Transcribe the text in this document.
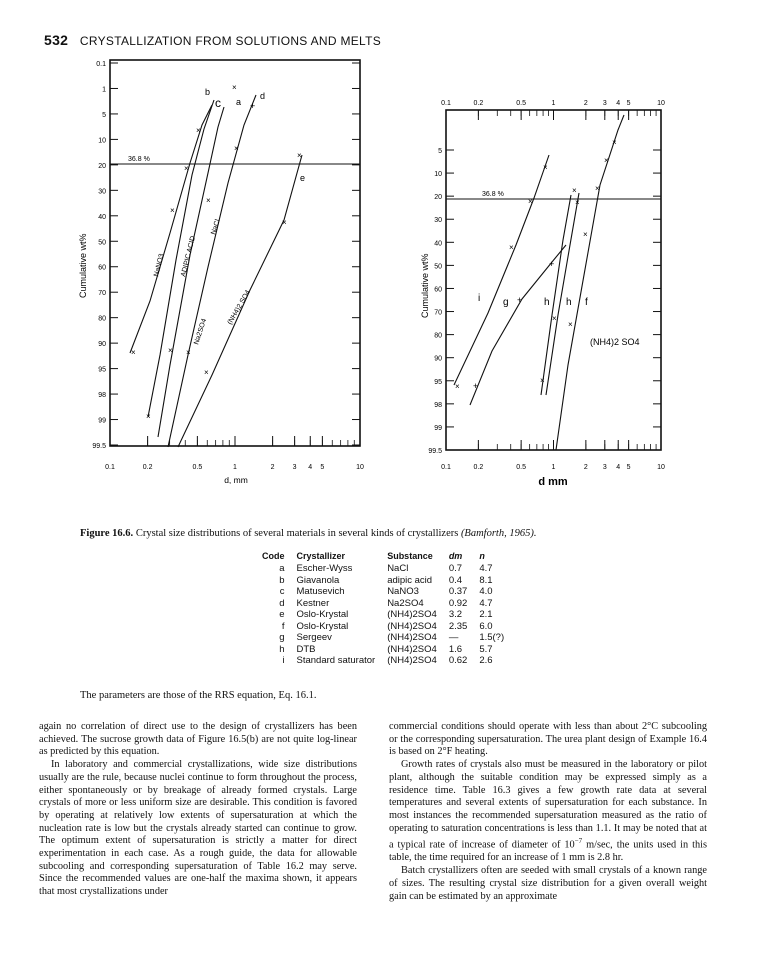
532 CRYSTALLIZATION FROM SOLUTIONS AND MELTS
0.1
1
5
10
20
30
40
50
60
70
80
90
95
98
99
99.5
0.1	0.2	0.5	1	2	3 4 5	10
36.8 %
Cumulative wt%
d, mm
×
×
× ×
×
×
×
×
×
×
×
×
+
×
a
b
c	d
e
NaNO3 ADIPIC ACID
NaCl
Na2SO4
(NH4)2 SO4
5
10
20
30
40
50
60
70
80
90
95
98
99
99.5
0.1	0.2	0.5	1	2 3 4 5	10
0.1	0.2	0.5	1	2 3 4 5	10
36.8 %
Cumulative wt%
d mm
×
×
×
×
+
+
+
×
×
×
×
×
×
×
×
×
i g	h h f
(NH4)2 SO4
Figure 16.6. Crystal size distributions of several materials in several kinds of crystallizers (Bamforth, 1965).
Code	Crystallizer	Substance	dm	n
a	Escher-Wyss	NaCl	0.7	4.7
b	Giavanola	adipic acid	0.4	8.1
c	Matusevich	NaNO3	0.37	4.0
d	Kestner	Na2SO4	0.92	4.7
e	Oslo-Krystal	(NH4)2SO4	3.2	2.1
f	Oslo-Krystal	(NH4)2SO4	2.35	6.0
g	Sergeev	(NH4)2SO4	—	1.5(?)
h	DTB	(NH4)2SO4	1.6	5.7
i	Standard saturator	(NH4)2SO4	0.62	2.6
The parameters are those of the RRS equation, Eq. 16.1.

again no correlation of direct use to the design of crystallizers has been achieved. The sucrose growth data of Figure 16.5(b) are not quite log-linear as predicted by this equation.

In laboratory and commercial crystallizations, wide size distributions usually are the rule, because nuclei continue to form throughout the process, either spontaneously or by breakage of already formed crystals. Large crystals of more or less uniform size are desirable. This condition is favored by operating at relatively low extents of supersaturation at which the nucleation rate is low but the crystals already started can continue to grow. The optimum extent of supersaturation is strictly a matter for direct experimentation in each case. As a rough guide, the data for allowable subcooling and corresponding supersaturation of Table 16.2 may serve. Since the recommended values are one-half the maxima shown, it appears that most crystallizations under

commercial conditions should operate with less than about 2°C subcooling or the corresponding supersaturation. The urea plant design of Example 16.4 is based on 2°F heating.

Growth rates of crystals also must be measured in the laboratory or pilot plant, although the suitable condition may be expressed simply as a residence time. Table 16.3 gives a few growth rate data at several temperatures and several extents of supersaturation for each substance. In most instances the recommended supersaturation measured as the ratio of operating to saturation concentrations is less than 1.1. It may be noted that at a typical rate of increase of diameter of $10^{-7}$ m/sec, the units used in this table, the time required for an increase of 1 mm is 2.8 hr.

Batch crystallizers often are seeded with small crystals of a known range of sizes. The resulting crystal size distribution for a given overall weight gain can be estimated by an approximate
